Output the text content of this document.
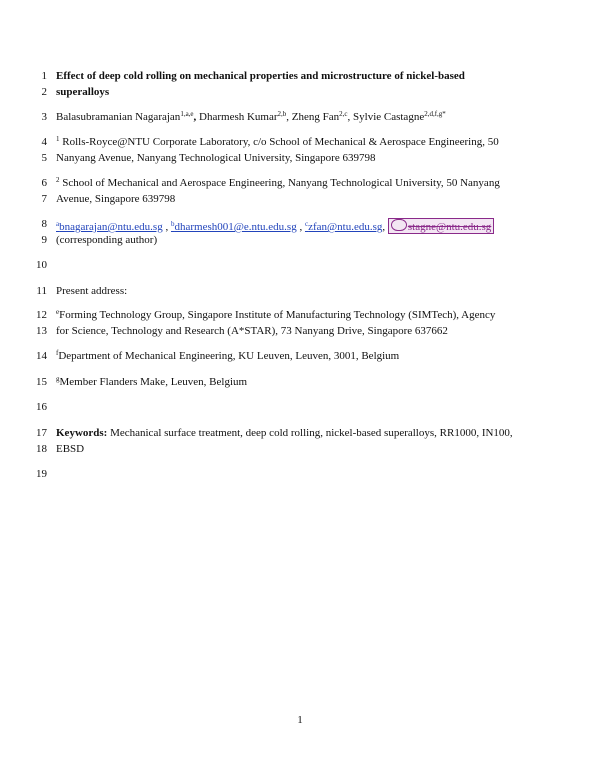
1
2
3
4
5
6
7
8
9
10
11
12
13
14
15
16
17
18
19
Effect of deep cold rolling on mechanical properties and microstructure of nickel-based
superalloys
Balasubramanian Nagarajan$^{1,a,e}$, Dharmesh Kumar$^{2,b}$, Zheng Fan$^{2,c}$, Sylvie Castagne$^{2,d,f,g*}$
$^1$ Rolls-Royce@NTU Corporate Laboratory, c/o School of Mechanical & Aerospace Engineering, 50
Nanyang Avenue, Nanyang Technological University, Singapore 639798
$^2$ School of Mechanical and Aerospace Engineering, Nanyang Technological University, 50 Nanyang
Avenue, Singapore 639798
$^a$bnagarajan@ntu.edu.sg , $^b$dharmesh001@e.ntu.edu.sg , $^c$zfan@ntu.edu.sg, stagne@ntu.edu.sg
(corresponding author)
Present address:
$^e$Forming Technology Group, Singapore Institute of Manufacturing Technology (SIMTech), Agency
for Science, Technology and Research (A*STAR), 73 Nanyang Drive, Singapore 637662
$^f$Department of Mechanical Engineering, KU Leuven, Leuven, 3001, Belgium
$^g$Member Flanders Make, Leuven, Belgium
Keywords: Mechanical surface treatment, deep cold rolling, nickel-based superalloys, RR1000, IN100,
EBSD
1
